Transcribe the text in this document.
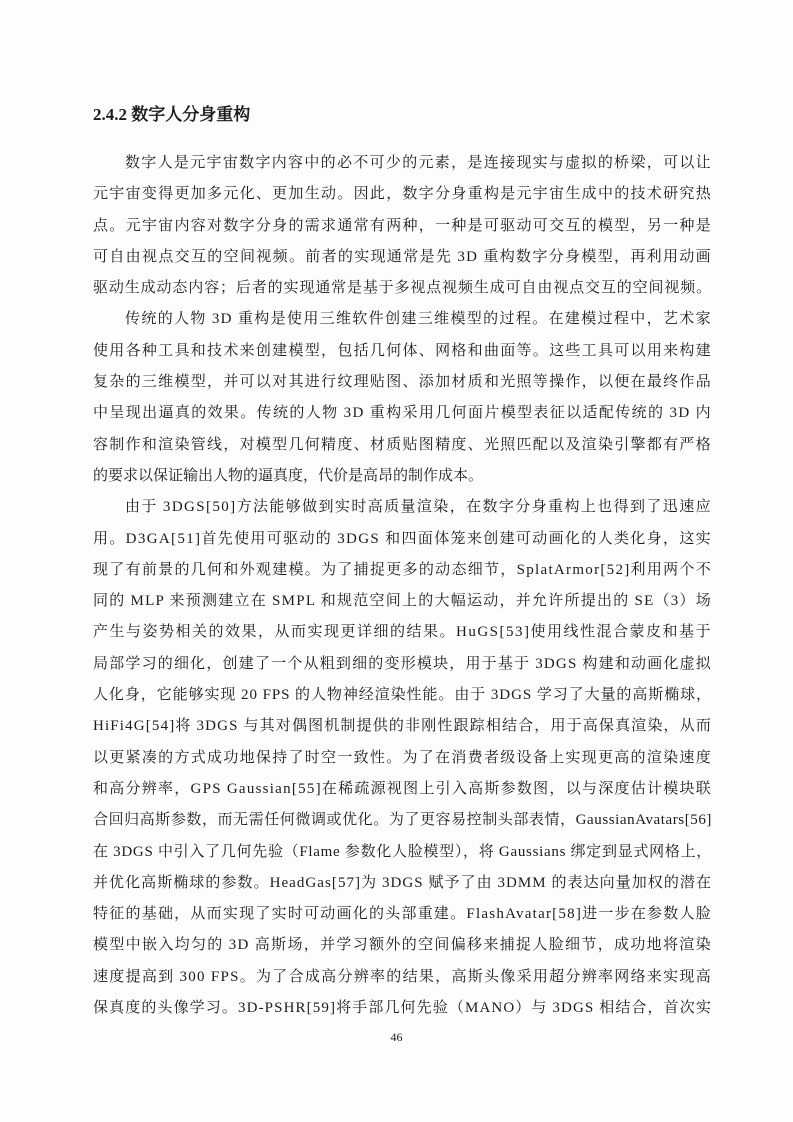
2.4.2 数字人分身重构
数字人是元宇宙数字内容中的必不可少的元素，是连接现实与虚拟的桥梁，可以让
元宇宙变得更加多元化、更加生动。因此，数字分身重构是元宇宙生成中的技术研究热
点。元宇宙内容对数字分身的需求通常有两种，一种是可驱动可交互的模型，另一种是
可自由视点交互的空间视频。前者的实现通常是先 3D 重构数字分身模型，再利用动画
驱动生成动态内容；后者的实现通常是基于多视点视频生成可自由视点交互的空间视频。
传统的人物 3D 重构是使用三维软件创建三维模型的过程。在建模过程中，艺术家
使用各种工具和技术来创建模型，包括几何体、网格和曲面等。这些工具可以用来构建
复杂的三维模型，并可以对其进行纹理贴图、添加材质和光照等操作，以便在最终作品
中呈现出逼真的效果。传统的人物 3D 重构采用几何面片模型表征以适配传统的 3D 内
容制作和渲染管线，对模型几何精度、材质贴图精度、光照匹配以及渲染引擎都有严格
的要求以保证输出人物的逼真度，代价是高昂的制作成本。
由于 3DGS[50]方法能够做到实时高质量渲染，在数字分身重构上也得到了迅速应
用。D3GA[51]首先使用可驱动的 3DGS 和四面体笼来创建可动画化的人类化身，这实
现了有前景的几何和外观建模。为了捕捉更多的动态细节，SplatArmor[52]利用两个不
同的 MLP 来预测建立在 SMPL 和规范空间上的大幅运动，并允许所提出的 SE（3）场
产生与姿势相关的效果，从而实现更详细的结果。HuGS[53]使用线性混合蒙皮和基于
局部学习的细化，创建了一个从粗到细的变形模块，用于基于 3DGS 构建和动画化虚拟
人化身，它能够实现 20 FPS 的人物神经渲染性能。由于 3DGS 学习了大量的高斯椭球，
HiFi4G[54]将 3DGS 与其对偶图机制提供的非刚性跟踪相结合，用于高保真渲染，从而
以更紧凑的方式成功地保持了时空一致性。为了在消费者级设备上实现更高的渲染速度
和高分辨率，GPS Gaussian[55]在稀疏源视图上引入高斯参数图，以与深度估计模块联
合回归高斯参数，而无需任何微调或优化。为了更容易控制头部表情，GaussianAvatars[56]
在 3DGS 中引入了几何先验（Flame 参数化人脸模型），将 Gaussians 绑定到显式网格上，
并优化高斯椭球的参数。HeadGas[57]为 3DGS 赋予了由 3DMM 的表达向量加权的潜在
特征的基础，从而实现了实时可动画化的头部重建。FlashAvatar[58]进一步在参数人脸
模型中嵌入均匀的 3D 高斯场，并学习额外的空间偏移来捕捉人脸细节，成功地将渲染
速度提高到 300 FPS。为了合成高分辨率的结果，高斯头像采用超分辨率网络来实现高
保真度的头像学习。3D-PSHR[59]将手部几何先验（MANO）与 3DGS 相结合，首次实
46
